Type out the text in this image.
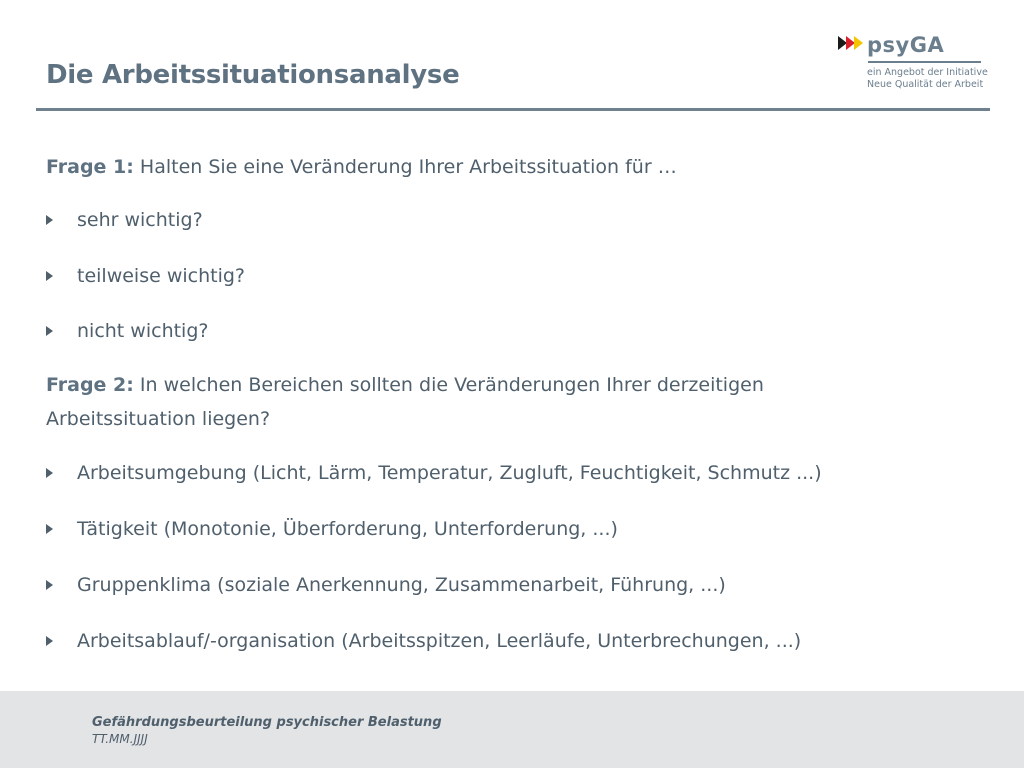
Die Arbeitssituationsanalyse
psyGA
ein Angebot der Initiative
Neue Qualität der Arbeit
Frage 1: Halten Sie eine Veränderung Ihrer Arbeitssituation für …
sehr wichtig?
teilweise wichtig?
nicht wichtig?
Frage 2: In welchen Bereichen sollten die Veränderungen Ihrer derzeitigen Arbeitssituation liegen?
Arbeitsumgebung (Licht, Lärm, Temperatur, Zugluft, Feuchtigkeit, Schmutz ...)
Tätigkeit (Monotonie, Überforderung, Unterforderung, ...)
Gruppenklima (soziale Anerkennung, Zusammenarbeit, Führung, ...)
Arbeitsablauf/-organisation (Arbeitsspitzen, Leerläufe, Unterbrechungen, ...)
Gefährdungsbeurteilung psychischer Belastung
TT.MM.JJJJ
